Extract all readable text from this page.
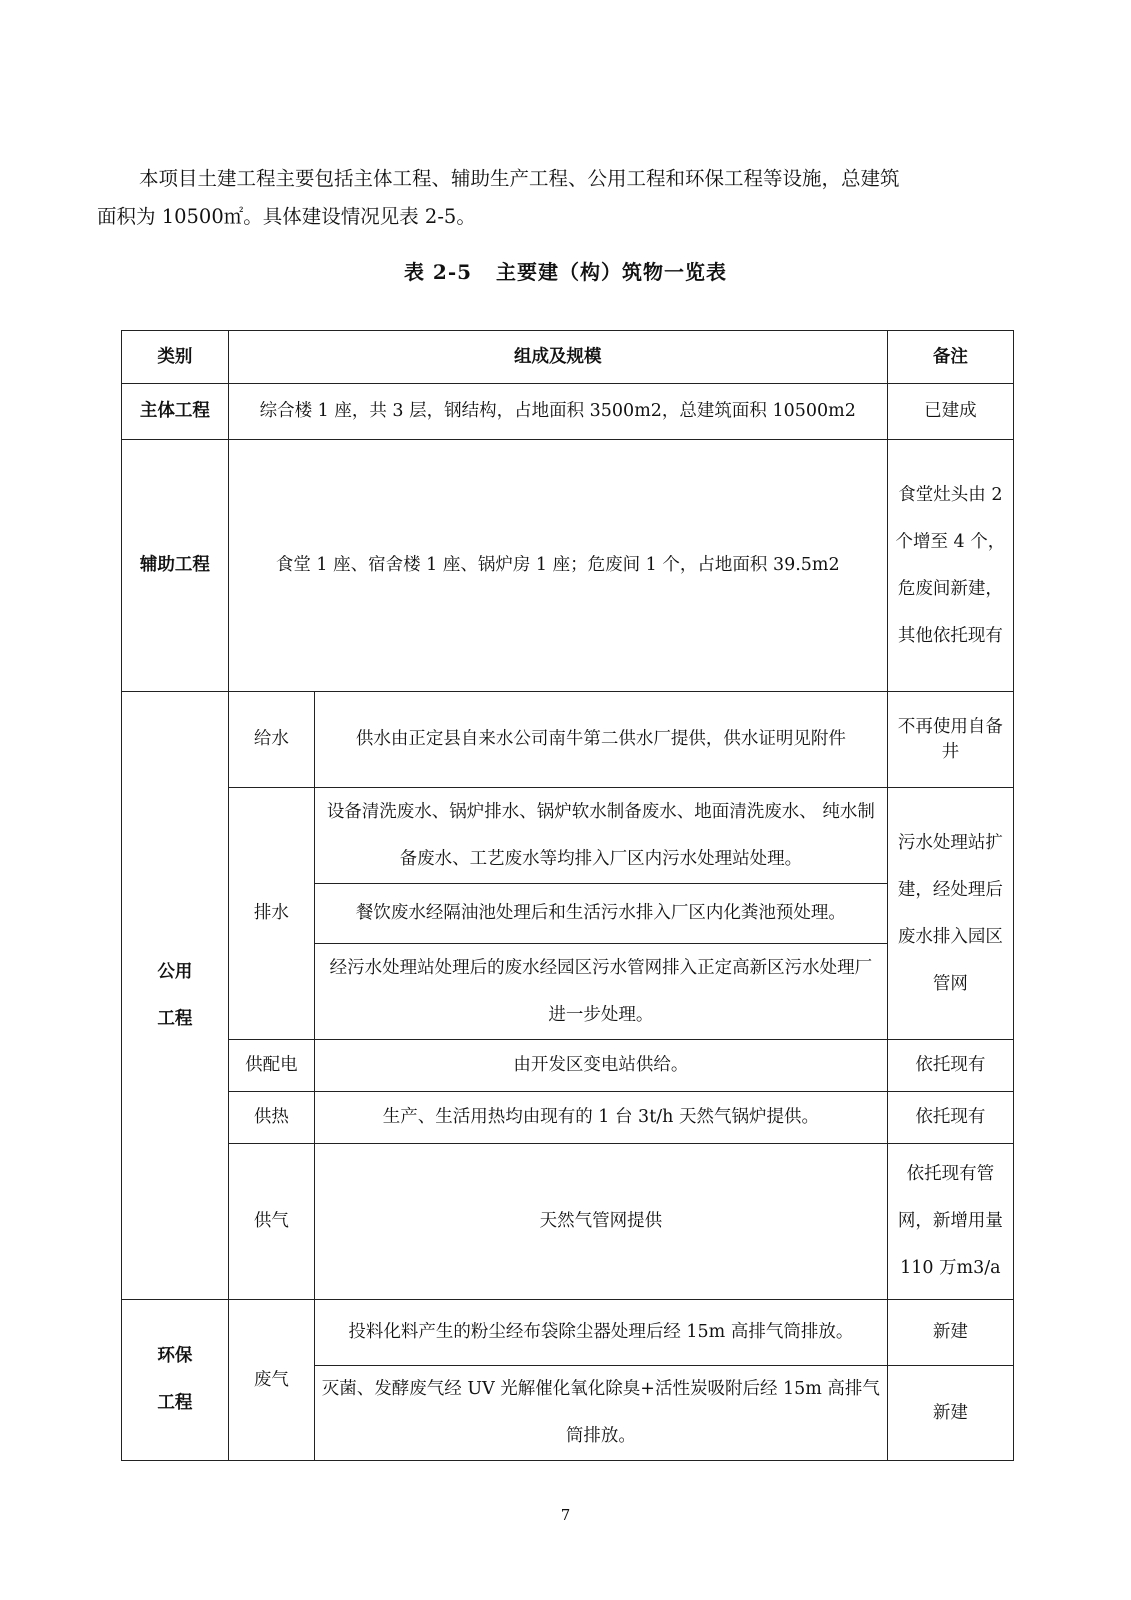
本项目土建工程主要包括主体工程、辅助生产工程、公用工程和环保工程等设施，总建筑
面积为 10500㎡。具体建设情况见表 2-5。
表 2-5 主要建（构）筑物一览表
类别	组成及规模		备注
主体工程	综合楼 1 座，共 3 层，钢结构，占地面积 3500m2，总建筑面积 10500m2		已建成
辅助工程	食堂 1 座、宿舍楼 1 座、锅炉房 1 座；危废间 1 个，占地面积 39.5m2		食堂灶头由 2 个增至 4 个，危废间新建，其他依托现有
公用
工程	给水	供水由正定县自来水公司南牛第二供水厂提供，供水证明见附件	不再使用自备井
	排水	设备清洗废水、锅炉排水、锅炉软水制备废水、地面清洗废水、 纯水制备废水、工艺废水等均排入厂区内污水处理站处理。	污水处理站扩建，经处理后废水排入园区管网
		餐饮废水经隔油池处理后和生活污水排入厂区内化粪池预处理。	
		经污水处理站处理后的废水经园区污水管网排入正定高新区污水处理厂进一步处理。	
	供配电	由开发区变电站供给。	依托现有
	供热	生产、生活用热均由现有的 1 台 3t/h 天然气锅炉提供。	依托现有
	供气	天然气管网提供	依托现有管网，新增用量 110 万m3/a
环保
工程	废气	投料化料产生的粉尘经布袋除尘器处理后经 15m 高排气筒排放。	新建
		灭菌、发酵废气经 UV 光解催化氧化除臭+活性炭吸附后经 15m 高排气筒排放。	新建
7
